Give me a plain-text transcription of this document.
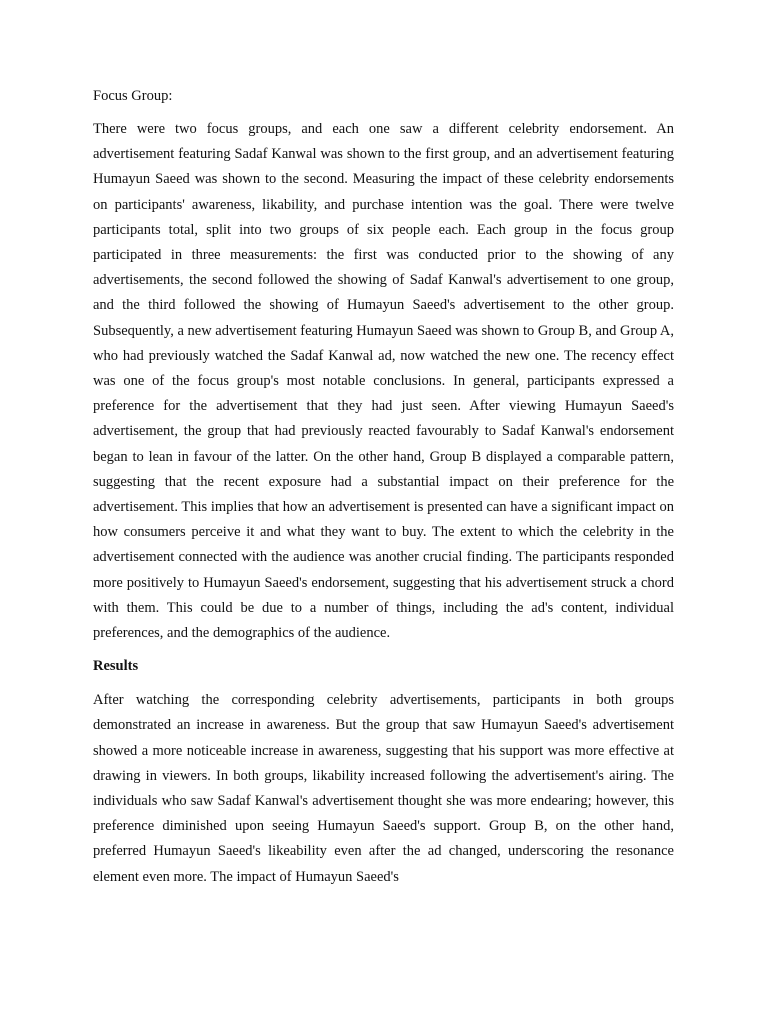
Focus Group:

There were two focus groups, and each one saw a different celebrity endorsement. An advertisement featuring Sadaf Kanwal was shown to the first group, and an advertisement featuring Humayun Saeed was shown to the second. Measuring the impact of these celebrity endorsements on participants' awareness, likability, and purchase intention was the goal. There were twelve participants total, split into two groups of six people each. Each group in the focus group participated in three measurements: the first was conducted prior to the showing of any advertisements, the second followed the showing of Sadaf Kanwal's advertisement to one group, and the third followed the showing of Humayun Saeed's advertisement to the other group. Subsequently, a new advertisement featuring Humayun Saeed was shown to Group B, and Group A, who had previously watched the Sadaf Kanwal ad, now watched the new one. The recency effect was one of the focus group's most notable conclusions. In general, participants expressed a preference for the advertisement that they had just seen. After viewing Humayun Saeed's advertisement, the group that had previously reacted favourably to Sadaf Kanwal's endorsement began to lean in favour of the latter. On the other hand, Group B displayed a comparable pattern, suggesting that the recent exposure had a substantial impact on their preference for the advertisement. This implies that how an advertisement is presented can have a significant impact on how consumers perceive it and what they want to buy. The extent to which the celebrity in the advertisement connected with the audience was another crucial finding. The participants responded more positively to Humayun Saeed's endorsement, suggesting that his advertisement struck a chord with them. This could be due to a number of things, including the ad's content, individual preferences, and the demographics of the audience.

Results

After watching the corresponding celebrity advertisements, participants in both groups demonstrated an increase in awareness. But the group that saw Humayun Saeed's advertisement showed a more noticeable increase in awareness, suggesting that his support was more effective at drawing in viewers. In both groups, likability increased following the advertisement's airing. The individuals who saw Sadaf Kanwal's advertisement thought she was more endearing; however, this preference diminished upon seeing Humayun Saeed's support. Group B, on the other hand, preferred Humayun Saeed's likeability even after the ad changed, underscoring the resonance element even more. The impact of Humayun Saeed's
